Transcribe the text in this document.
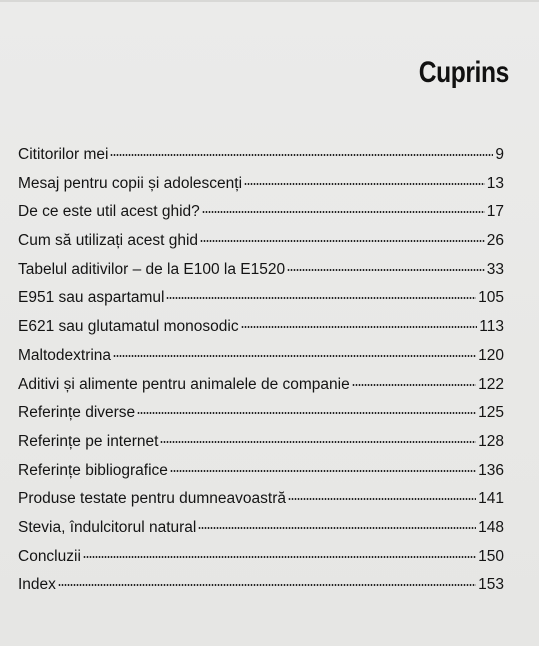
Cuprins
Cititorilor mei	9
Mesaj pentru copii și adolescenți	13
De ce este util acest ghid?	17
Cum să utilizați acest ghid	26
Tabelul aditivilor – de la E100 la E1520	33
E951 sau aspartamul	105
E621 sau glutamatul monosodic	113
Maltodextrina	120
Aditivi și alimente pentru animalele de companie	122
Referințe diverse	125
Referințe pe internet	128
Referințe bibliografice	136
Produse testate pentru dumneavoastră	141
Stevia, îndulcitorul natural	148
Concluzii	150
Index	153
